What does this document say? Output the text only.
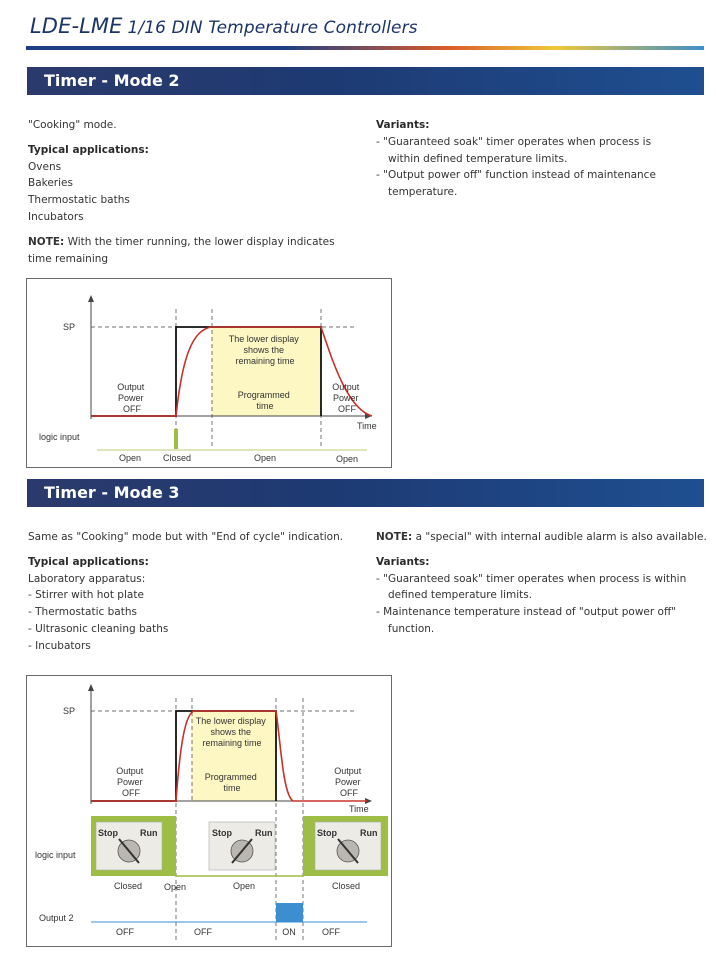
LDE-LME 1/16 DIN Temperature Controllers
Timer - Mode 2

"Cooking" mode.

Typical applications:

Ovens

Bakeries

Thermostatic baths

Incubators

NOTE: With the timer running, the lower display indicates

time remaining

Variants:

- "Guaranteed soak" timer operates when process is within defined temperature limits.

- "Output power off" function instead of maintenance temperature.

SP
logic input
Time
The lower display shows the remaining time
Programmed time
Output Power OFF
Output Power OFF
Open Closed	Open	Open
Timer - Mode 3

Same as "Cooking" mode but with "End of cycle" indication.

Typical applications:

Laboratory apparatus:

- Stirrer with hot plate

- Thermostatic baths

- Ultrasonic cleaning baths

- Incubators

NOTE: a "special" with internal audible alarm is also available.

Variants:

- "Guaranteed soak" timer operates when process is within defined temperature limits.

- Maintenance temperature instead of "output power off" function.

Stop Run	Stop	Run	Stop	Run
SP
logic input
Output 2
Time
The lower display shows the remaining time
Programmed time
Output Power OFF
Output Power OFF
Closed Open	Open	Closed
OFF	OFF	ON	OFF
